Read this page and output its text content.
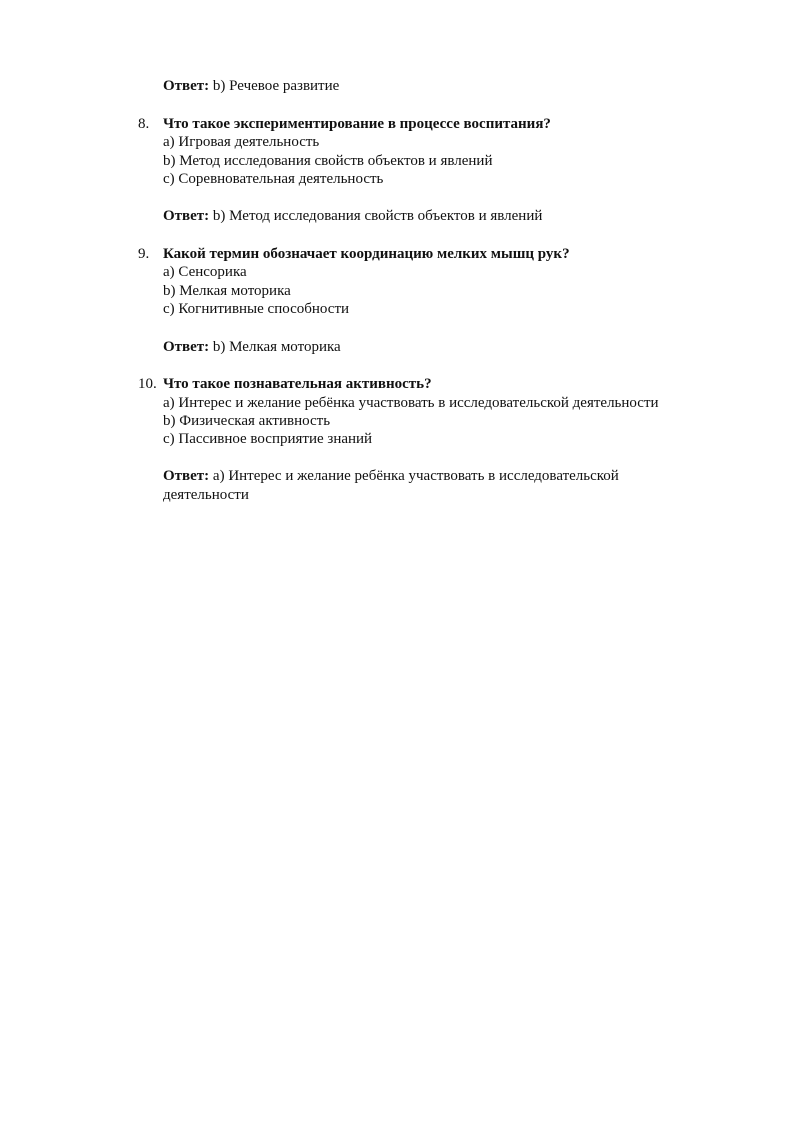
Ответ: b) Речевое развитие
8. Что такое экспериментирование в процессе воспитания?
a) Игровая деятельность
b) Метод исследования свойств объектов и явлений
c) Соревновательная деятельность
Ответ: b) Метод исследования свойств объектов и явлений
9. Какой термин обозначает координацию мелких мышц рук?
a) Сенсорика
b) Мелкая моторика
c) Когнитивные способности
Ответ: b) Мелкая моторика
10. Что такое познавательная активность?
a) Интерес и желание ребёнка участвовать в исследовательской деятельности
b) Физическая активность
c) Пассивное восприятие знаний
Ответ: a) Интерес и желание ребёнка участвовать в исследовательской
деятельности
